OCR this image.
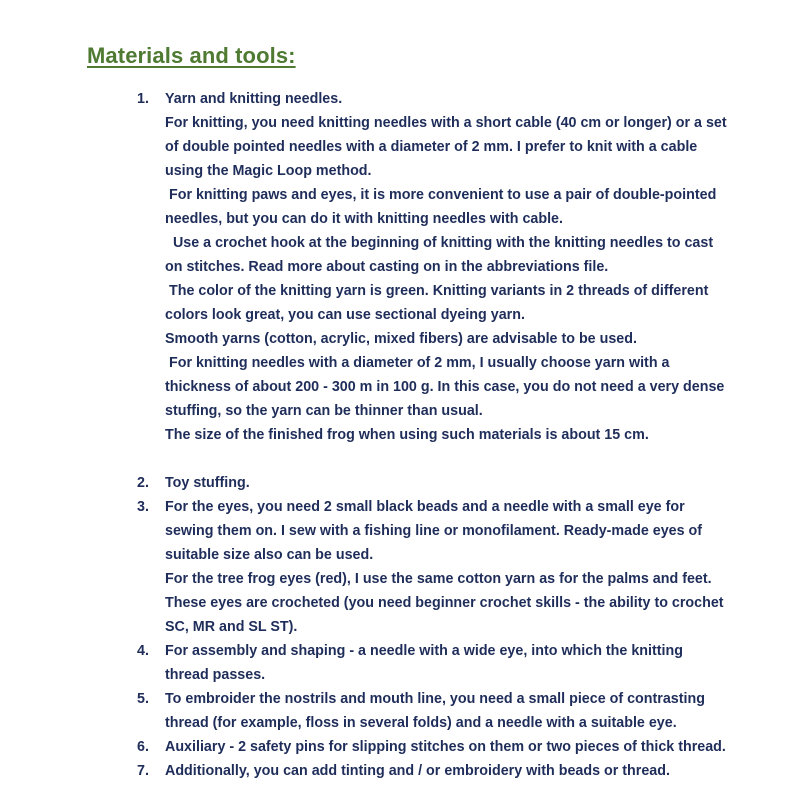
Materials and tools:
1. Yarn and knitting needles.
For knitting, you need knitting needles with a short cable (40 cm or longer) or a set
of double pointed needles with a diameter of 2 mm. I prefer to knit with a cable
using the Magic Loop method.
For knitting paws and eyes, it is more convenient to use a pair of double-pointed
needles, but you can do it with knitting needles with cable.
Use a crochet hook at the beginning of knitting with the knitting needles to cast
on stitches. Read more about casting on in the abbreviations file.
The color of the knitting yarn is green. Knitting variants in 2 threads of different
colors look great, you can use sectional dyeing yarn.
Smooth yarns (cotton, acrylic, mixed fibers) are advisable to be used.
For knitting needles with a diameter of 2 mm, I usually choose yarn with a
thickness of about 200 - 300 m in 100 g. In this case, you do not need a very dense
stuffing, so the yarn can be thinner than usual.
The size of the finished frog when using such materials is about 15 cm.
2. Toy stuffing.
3. For the eyes, you need 2 small black beads and a needle with a small eye for
sewing them on. I sew with a fishing line or monofilament. Ready-made eyes of
suitable size also can be used.
For the tree frog eyes (red), I use the same cotton yarn as for the palms and feet.
These eyes are crocheted (you need beginner crochet skills - the ability to crochet
SC, MR and SL ST).
4. For assembly and shaping - a needle with a wide eye, into which the knitting
thread passes.
5. To embroider the nostrils and mouth line, you need a small piece of contrasting
thread (for example, floss in several folds) and a needle with a suitable eye.
6. Auxiliary - 2 safety pins for slipping stitches on them or two pieces of thick thread.
7. Additionally, you can add tinting and / or embroidery with beads or thread.
